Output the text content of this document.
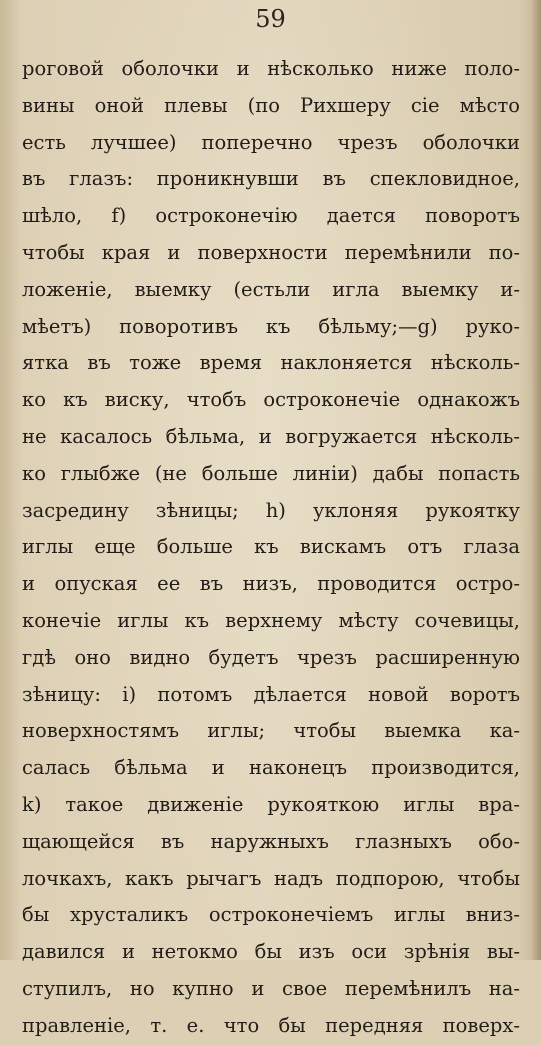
59
роговой оболочки и нѣсколько ниже поло-
вины оной плевы (по Рихшеру сіе мѣсто
есть лучшее) поперечно чрезъ оболочки
въ глазъ: проникнувши въ спекловидное,
шѣло, f) остроконечію дается поворотъ
чтобы края и поверхности перемѣнили по-
ложеніе, выемку (естьли игла выемку и-
мѣетъ) поворотивъ къ бѣльму;—g) руко-
ятка въ тоже время наклоняется нѣсколь-
ко къ виску, чтобъ остроконечіе однакожъ
не касалось бѣльма, и вогружается нѣсколь-
ко глыбже (не больше линіи) дабы попасть
засредину зѣницы; h) уклоняя рукоятку
иглы еще больше къ вискамъ отъ глаза
и опуская ее въ низъ, проводится остро-
конечіе иглы къ верхнему мѣсту сочевицы,
гдѣ оно видно будетъ чрезъ расширенную
зѣницу: i) потомъ дѣлается новой воротъ
новерхностямъ иглы; чтобы выемка ка-
салась бѣльма и наконецъ производится,
k) такое движеніе рукояткою иглы вра-
щающейся въ наружныхъ глазныхъ обо-
лочкахъ, какъ рычагъ надъ подпорою, чтобы
бы хрусталикъ остроконечіемъ иглы вниз-
давился и нетокмо бы изъ оси зрѣнія вы-
ступилъ, но купно и свое перемѣнилъ на-
правленіе, т. е. что бы передняя поверх-
